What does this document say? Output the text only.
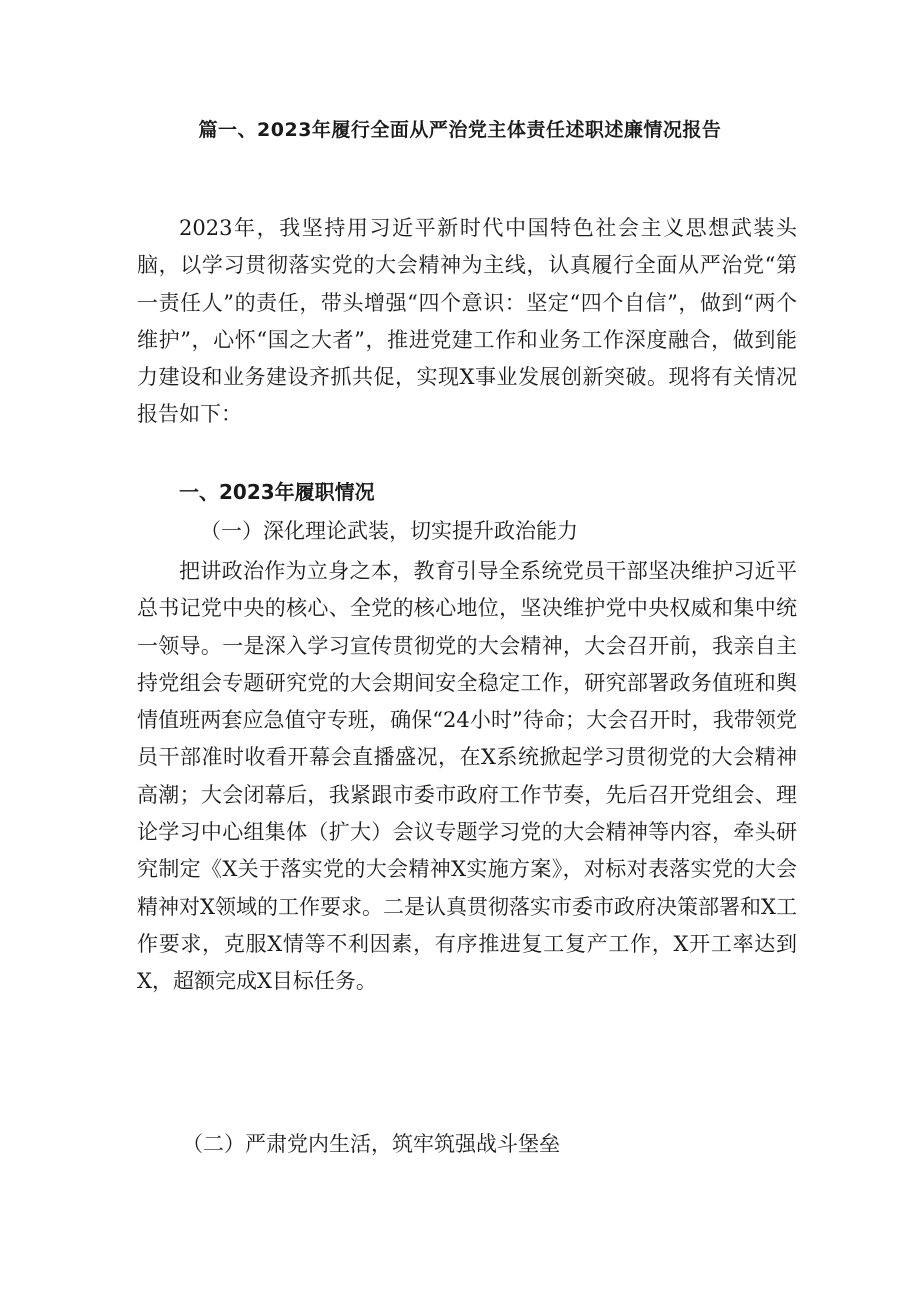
篇一、2023年履行全面从严治党主体责任述职述廉情况报告

2023年，我坚持用习近平新时代中国特色社会主义思想武装头脑，以学习贯彻落实党的大会精神为主线，认真履行全面从严治党“第一责任人”的责任，带头增强“四个意识：坚定“四个自信”，做到“两个维护”，心怀“国之大者”，推进党建工作和业务工作深度融合，做到能力建设和业务建设齐抓共促，实现X事业发展创新突破。现将有关情况报告如下：

一、2023年履职情况

（一）深化理论武装，切实提升政治能力

把讲政治作为立身之本，教育引导全系统党员干部坚决维护习近平总书记党中央的核心、全党的核心地位，坚决维护党中央权威和集中统一领导。一是深入学习宣传贯彻党的大会精神，大会召开前，我亲自主持党组会专题研究党的大会期间安全稳定工作，研究部署政务值班和舆情值班两套应急值守专班，确保“24小时”待命；大会召开时，我带领党员干部准时收看开幕会直播盛况，在X系统掀起学习贯彻党的大会精神高潮；大会闭幕后，我紧跟市委市政府工作节奏，先后召开党组会、理论学习中心组集体（扩大）会议专题学习党的大会精神等内容，牵头研究制定《X关于落实党的大会精神X实施方案》，对标对表落实党的大会精神对X领域的工作要求。二是认真贯彻落实市委市政府决策部署和X工作要求，克服X情等不利因素，有序推进复工复产工作，X开工率达到X，超额完成X目标任务。

（二）严肃党内生活，筑牢筑强战斗堡垒
